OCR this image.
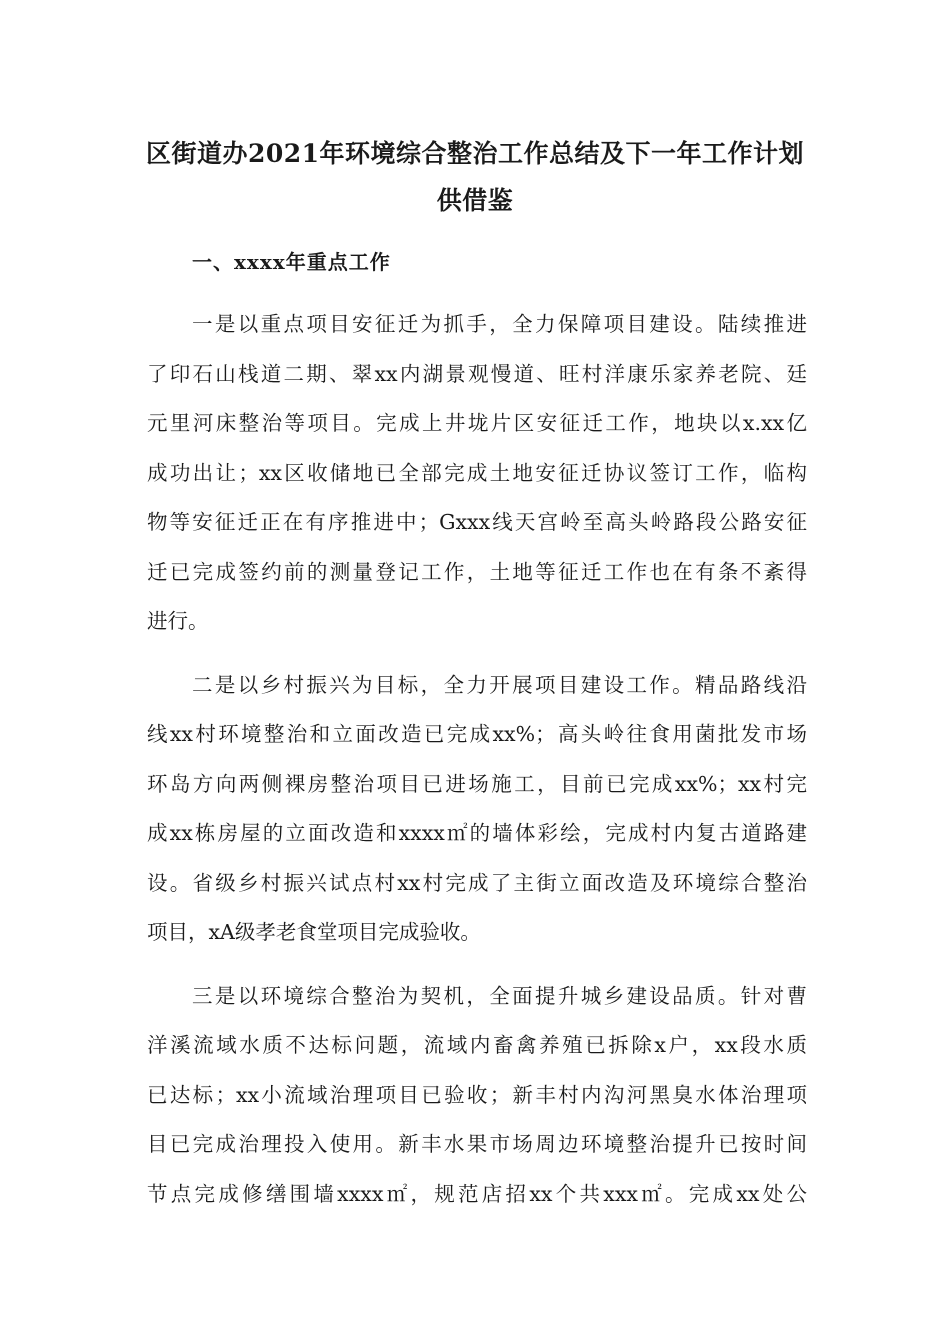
区街道办2021年环境综合整治工作总结及下一年工作计划
供借鉴
一、xxxx年重点工作
一是以重点项目安征迁为抓手，全力保障项目建设。陆续推进
了印石山栈道二期、翠xx内湖景观慢道、旺村洋康乐家养老院、廷
元里河床整治等项目。完成上井垅片区安征迁工作，地块以x.xx亿
成功出让；xx区收储地已全部完成土地安征迁协议签订工作，临构
物等安征迁正在有序推进中；Gxxx线天宫岭至高头岭路段公路安征
迁已完成签约前的测量登记工作，土地等征迁工作也在有条不紊得
进行。
二是以乡村振兴为目标，全力开展项目建设工作。精品路线沿
线xx村环境整治和立面改造已完成xx%；高头岭往食用菌批发市场
环岛方向两侧裸房整治项目已进场施工，目前已完成xx%；xx村完
成xx栋房屋的立面改造和xxxx㎡的墙体彩绘，完成村内复古道路建
设。省级乡村振兴试点村xx村完成了主街立面改造及环境综合整治
项目，xA级孝老食堂项目完成验收。
三是以环境综合整治为契机，全面提升城乡建设品质。针对曹
洋溪流域水质不达标问题，流域内畜禽养殖已拆除x户，xx段水质
已达标；xx小流域治理项目已验收；新丰村内沟河黑臭水体治理项
目已完成治理投入使用。新丰水果市场周边环境整治提升已按时间
节点完成修缮围墙xxxx㎡，规范店招xx个共xxx㎡。完成xx处公
